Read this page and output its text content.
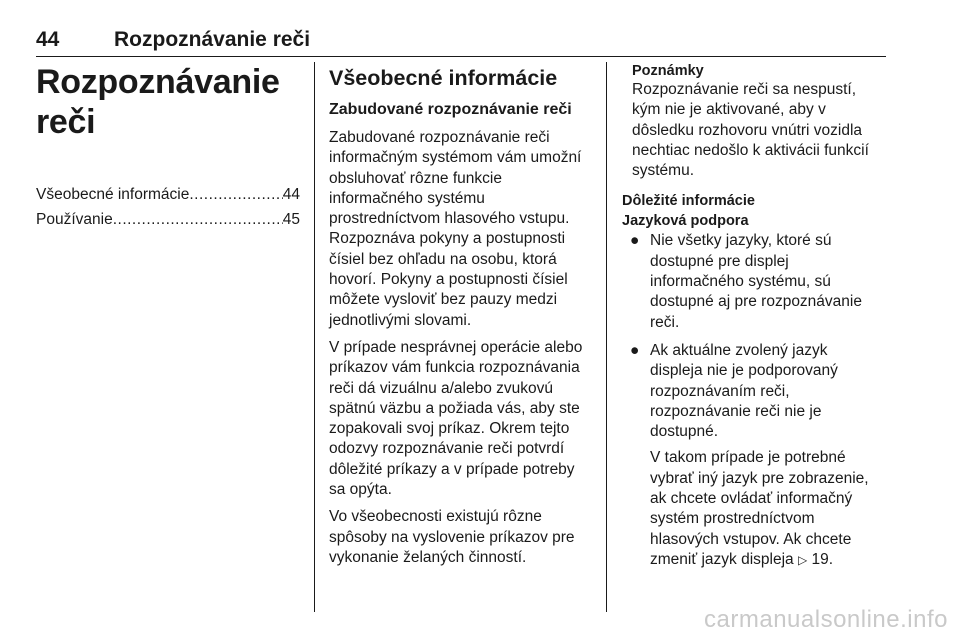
44	Rozpoznávanie reči
Rozpoznávanie reči
Všeobecné informácie .....	44
Používanie .....	45
Všeobecné informácie
Zabudované rozpoznávanie reči

Zabudované rozpoznávanie reči informačným systémom vám umožní obsluhovať rôzne funkcie informačného systému prostredníctvom hlasového vstupu. Rozpoznáva pokyny a postupnosti čísiel bez ohľadu na osobu, ktorá hovorí. Pokyny a postupnosti čísiel môžete vysloviť bez pauzy medzi jednotlivými slovami.

V prípade nesprávnej operácie alebo príkazov vám funkcia rozpoznávania reči dá vizuálnu a/alebo zvukovú spätnú väzbu a požiada vás, aby ste zopakovali svoj príkaz. Okrem tejto odozvy rozpoznávanie reči potvrdí dôležité príkazy a v prípade potreby sa opýta.

Vo všeobecnosti existujú rôzne spôsoby na vyslovenie príkazov pre vykonanie želaných činností.

Poznámky

Rozpoznávanie reči sa nespustí, kým nie je aktivované, aby v dôsledku rozhovoru vnútri vozidla nechtiac nedošlo k aktivácii funkcií systému.

Dôležité informácie
Jazyková podpora
● Nie všetky jazyky, ktoré sú dostupné pre displej informačného systému, sú dostupné aj pre rozpoznávanie reči.

● Ak aktuálne zvolený jazyk displeja nie je podporovaný rozpoznávaním reči, rozpoznávanie reči nie je dostupné.

V takom prípade je potrebné vybrať iný jazyk pre zobrazenie, ak chcete ovládať informačný systém prostredníctvom hlasových vstupov. Ak chcete zmeniť jazyk displeja ▷ 19.

carmanualsonline.info
